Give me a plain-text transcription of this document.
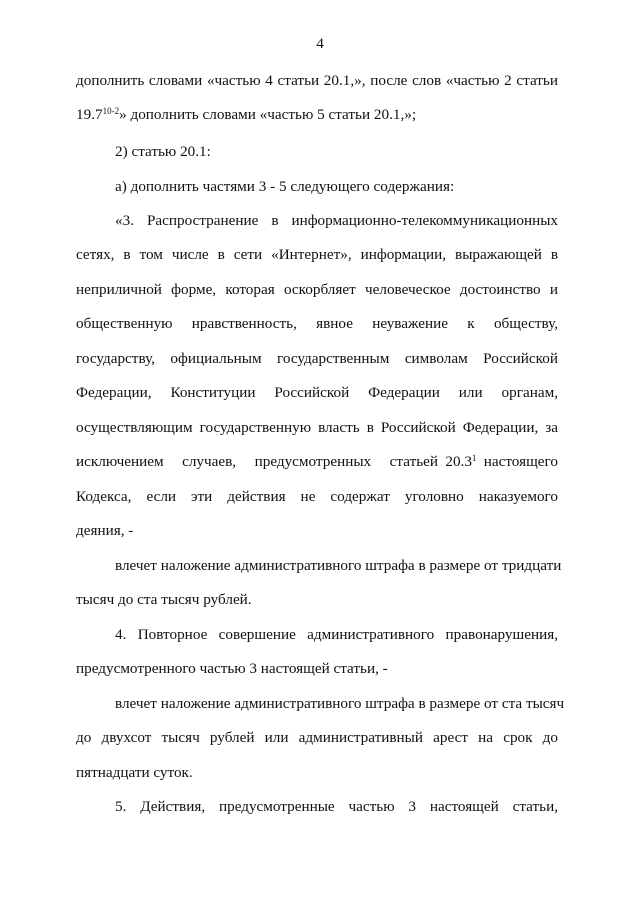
4
дополнить словами «частью 4 статьи 20.1,», после слов «частью 2 статьи
19.7$^{10-2}$» дополнить словами «частью 5 статьи 20.1,»;
2) статью 20.1:
а) дополнить частями 3 - 5 следующего содержания:
«3. Распространение в информационно-телекоммуникационных
сетях, в том числе в сети «Интернет», информации, выражающей в
неприличной форме, которая оскорбляет человеческое достоинство и
общественную нравственность, явное неуважение к обществу,
государству, официальным государственным символам Российской
Федерации, Конституции Российской Федерации или органам,
осуществляющим государственную власть в Российской Федерации, за
исключением случаев, предусмотренных статьей 20.3$^1$ настоящего
Кодекса, если эти действия не содержат уголовно наказуемого
деяния, -
влечет наложение административного штрафа в размере от тридцати
тысяч до ста тысяч рублей.
4. Повторное совершение административного правонарушения,
предусмотренного частью 3 настоящей статьи, -
влечет наложение административного штрафа в размере от ста тысяч
до двухсот тысяч рублей или административный арест на срок до
пятнадцати суток.
5. Действия, предусмотренные частью 3 настоящей статьи,
